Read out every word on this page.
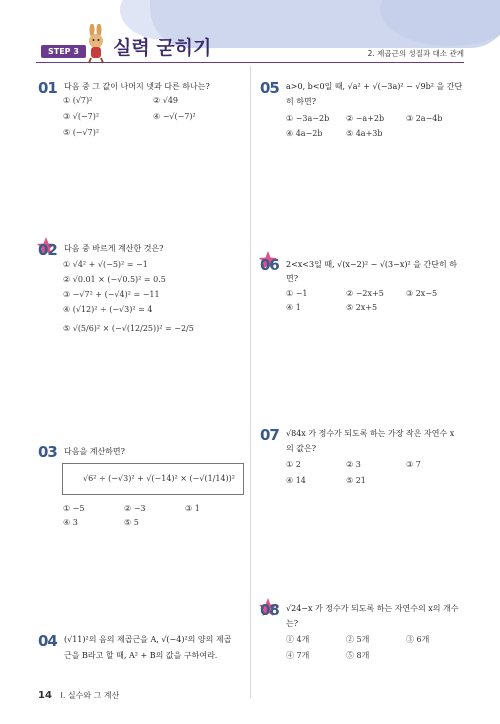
STEP 3	실력 굳히기	2. 제곱근의 성질과 대소 관계
01 다음 중 그 값이 나머지 넷과 다른 하나는?
① (√7)²	② √49
③ √(−7)²	④ −√(−7)²
⑤ (−√7)²
02 다음 중 바르게 계산한 것은?
① √4² + √(−5)² = −1
② √0.01 × (−√0.5)² = 0.5
③ −√7² + (−√4)² = −11
④ (√12)² ÷ (−√3)² = 4
⑤ √(5/6)² × (−√(12/25))² = −2/5
03 다음을 계산하면?
√6² ÷ (−√3)² + √(−14)² × (−√(1/14))²
① −5	② −3	③ 1
④ 3	⑤ 5
04 (√11)²의 음의 제곱근을 A, √(−4)²의 양의 제곱
근을 B라고 할 때, A² + B의 값을 구하여라.
05 a>0, b<0일 때, √a² + √(−3a)² − √9b² 을 간단
히 하면?
① −3a−2b ② −a+2b	③ 2a−4b
④ 4a−2b	⑤ 4a+3b
06 2<x<3일 때, √(x−2)² − √(3−x)² 을 간단히 하
면?
① −1	② −2x+5	③ 2x−5
④ 1	⑤ 2x+5
07 √84x 가 정수가 되도록 하는 가장 작은 자연수 x
의 값은?
① 2	② 3	③ 7
④ 14	⑤ 21
08 √24−x 가 정수가 되도록 하는 자연수의 x의 개수
는?
① 4개	② 5개	③ 6개
④ 7개	⑤ 8개
14 Ⅰ. 실수와 그 계산
